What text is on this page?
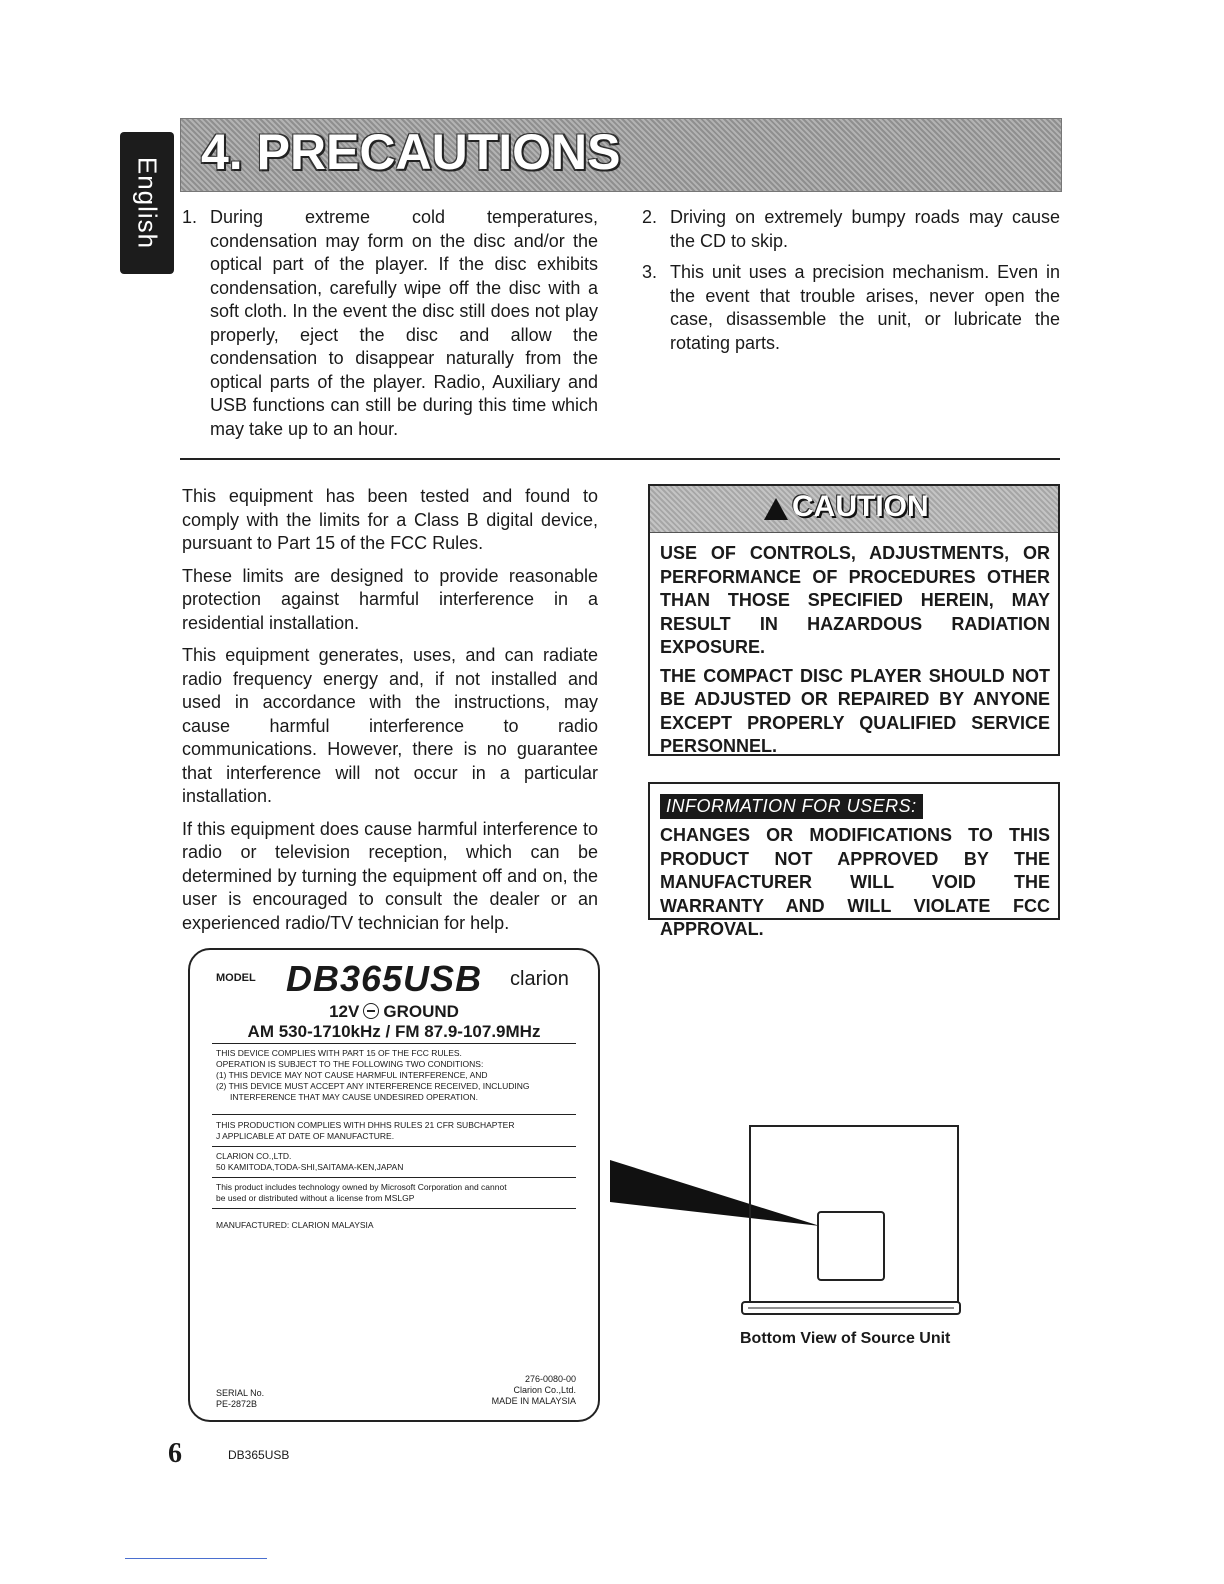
English
4. PRECAUTIONS
1. During extreme cold temperatures, condensation may form on the disc and/or the optical part of the player. If the disc exhibits condensation, carefully wipe off the disc with a soft cloth. In the event the disc still does not play properly, eject the disc and allow the condensation to disappear naturally from the optical parts of the player. Radio, Auxiliary and USB functions can still be during this time which may take up to an hour.
2. Driving on extremely bumpy roads may cause the CD to skip.
3. This unit uses a precision mechanism. Even in the event that trouble arises, never open the case, disassemble the unit, or lubricate the rotating parts.

This equipment has been tested and found to comply with the limits for a Class B digital device, pursuant to Part 15 of the FCC Rules.

These limits are designed to provide reasonable protection against harmful interference in a residential installation.

This equipment generates, uses, and can radiate radio frequency energy and, if not installed and used in accordance with the instructions, may cause harmful interference to radio communications. However, there is no guarantee that interference will not occur in a particular installation.

If this equipment does cause harmful interference to radio or television reception, which can be determined by turning the equipment off and on, the user is encouraged to consult the dealer or an experienced radio/TV technician for help.

CAUTION

USE OF CONTROLS, ADJUSTMENTS, OR PERFORMANCE OF PROCEDURES OTHER THAN THOSE SPECIFIED HEREIN, MAY RESULT IN HAZARDOUS RADIATION EXPOSURE.

THE COMPACT DISC PLAYER SHOULD NOT BE ADJUSTED OR REPAIRED BY ANYONE EXCEPT PROPERLY QUALIFIED SERVICE PERSONNEL.

INFORMATION FOR USERS:

CHANGES OR MODIFICATIONS TO THIS PRODUCT NOT APPROVED BY THE MANUFACTURER WILL VOID THE WARRANTY AND WILL VIOLATE FCC APPROVAL.

MODEL DB365USB clarion
12V GROUND
AM 530-1710kHz / FM 87.9-107.9MHz
THIS DEVICE COMPLIES WITH PART 15 OF THE FCC RULES.
OPERATION IS SUBJECT TO THE FOLLOWING TWO CONDITIONS:
(1) THIS DEVICE MAY NOT CAUSE HARMFUL INTERFERENCE, AND
(2) THIS DEVICE MUST ACCEPT ANY INTERFERENCE RECEIVED, INCLUDING
INTERFERENCE THAT MAY CAUSE UNDESIRED OPERATION.
THIS PRODUCTION COMPLIES WITH DHHS RULES 21 CFR SUBCHAPTER
J APPLICABLE AT DATE OF MANUFACTURE.
CLARION CO.,LTD.
50 KAMITODA,TODA-SHI,SAITAMA-KEN,JAPAN
This product includes technology owned by Microsoft Corporation and cannot
be used or distributed without a license from MSLGP
MANUFACTURED: CLARION MALAYSIA
SERIAL No.
PE-2872B
276-0080-00
Clarion Co.,Ltd.
MADE IN MALAYSIA
Bottom View of Source Unit
6	DB365USB
